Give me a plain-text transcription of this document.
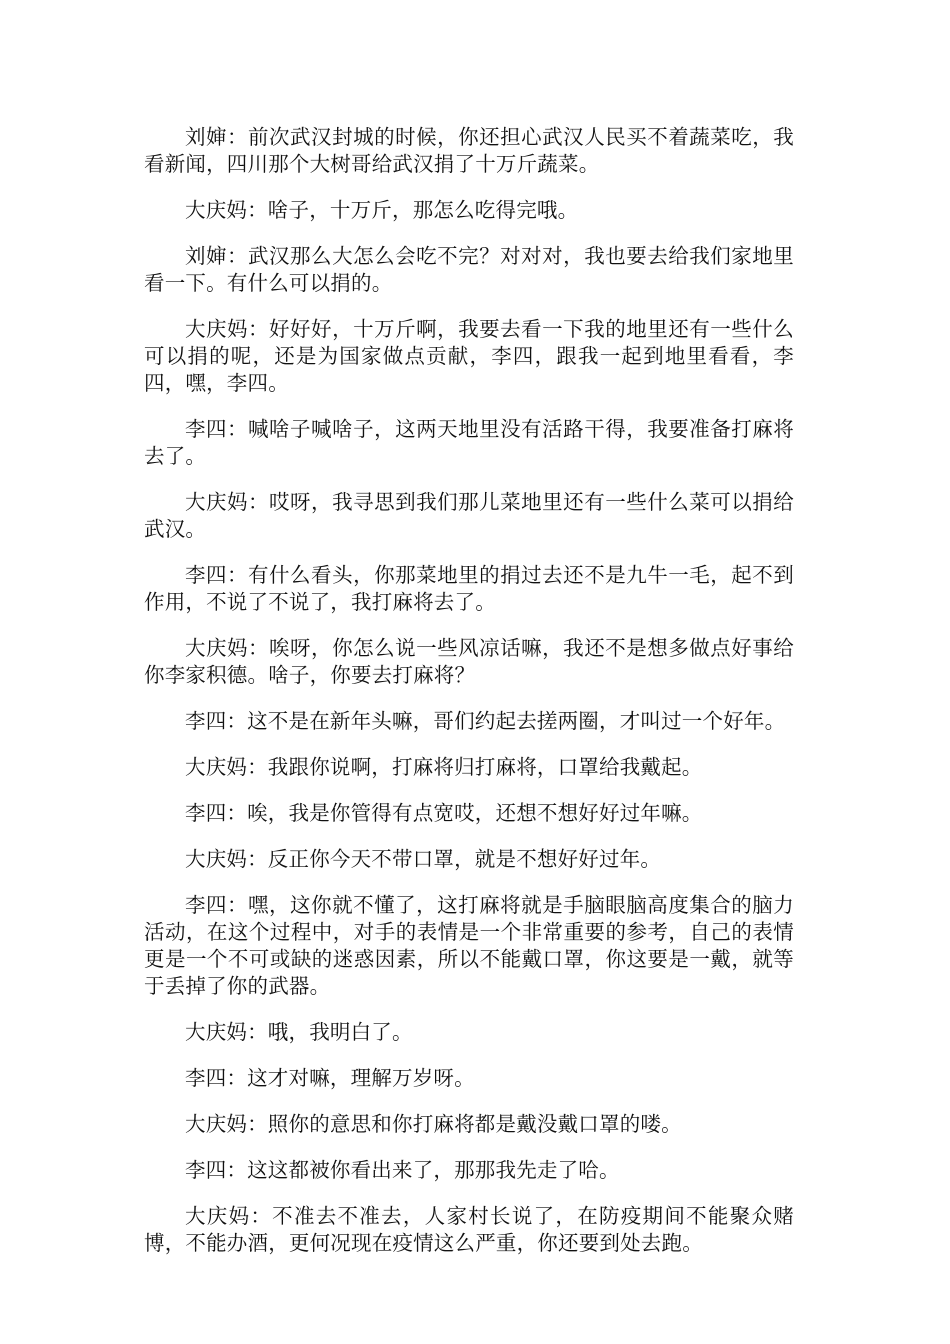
刘婶：前次武汉封城的时候，你还担心武汉人民买不着蔬菜吃，我看新闻，四川那个大树哥给武汉捐了十万斤蔬菜。

大庆妈：啥子，十万斤，那怎么吃得完哦。

刘婶：武汉那么大怎么会吃不完？对对对，我也要去给我们家地里看一下。有什么可以捐的。

大庆妈：好好好，十万斤啊，我要去看一下我的地里还有一些什么可以捐的呢，还是为国家做点贡献，李四，跟我一起到地里看看，李四，嘿，李四。

李四：喊啥子喊啥子，这两天地里没有活路干得，我要准备打麻将去了。

大庆妈：哎呀，我寻思到我们那儿菜地里还有一些什么菜可以捐给武汉。

李四：有什么看头，你那菜地里的捐过去还不是九牛一毛，起不到作用，不说了不说了，我打麻将去了。

大庆妈：唉呀，你怎么说一些风凉话嘛，我还不是想多做点好事给你李家积德。啥子，你要去打麻将？

李四：这不是在新年头嘛，哥们约起去搓两圈，才叫过一个好年。

大庆妈：我跟你说啊，打麻将归打麻将，口罩给我戴起。

李四：唉，我是你管得有点宽哎，还想不想好好过年嘛。

大庆妈：反正你今天不带口罩，就是不想好好过年。

李四：嘿，这你就不懂了，这打麻将就是手脑眼脑高度集合的脑力活动，在这个过程中，对手的表情是一个非常重要的参考，自己的表情更是一个不可或缺的迷惑因素，所以不能戴口罩，你这要是一戴，就等于丢掉了你的武器。

大庆妈：哦，我明白了。

李四：这才对嘛，理解万岁呀。

大庆妈：照你的意思和你打麻将都是戴没戴口罩的喽。

李四：这这都被你看出来了，那那我先走了哈。

大庆妈：不准去不准去，人家村长说了，在防疫期间不能聚众赌博，不能办酒，更何况现在疫情这么严重，你还要到处去跑。
